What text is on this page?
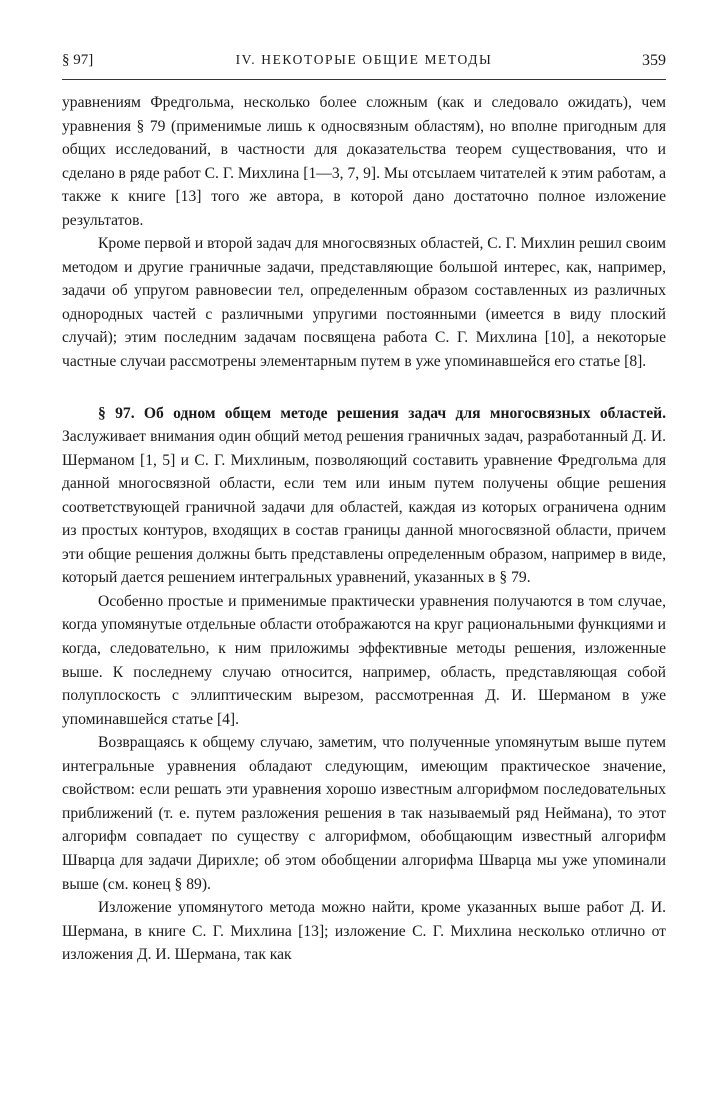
§ 97]	IV. НЕКОТОРЫЕ ОБЩИЕ МЕТОДЫ	359

уравнениям Фредгольма, несколько более сложным (как и следовало ожидать), чем уравнения § 79 (применимые лишь к односвязным областям), но вполне пригодным для общих исследований, в частности для доказательства теорем существования, что и сделано в ряде работ С. Г. Михлина [1—3, 7, 9]. Мы отсылаем читателей к этим работам, а также к книге [13] того же автора, в которой дано достаточно полное изложение результатов.

Кроме первой и второй задач для многосвязных областей, С. Г. Михлин решил своим методом и другие граничные задачи, представляющие большой интерес, как, например, задачи об упругом равновесии тел, определенным образом составленных из различных однородных частей с различными упругими постоянными (имеется в виду плоский случай); этим последним задачам посвящена работа С. Г. Михлина [10], а некоторые частные случаи рассмотрены элементарным путем в уже упоминавшейся его статье [8].

§ 97. Об одном общем методе решения задач для многосвязных областей. Заслуживает внимания один общий метод решения граничных задач, разработанный Д. И. Шерманом [1, 5] и С. Г. Михлиным, позволяющий составить уравнение Фредгольма для данной многосвязной области, если тем или иным путем получены общие решения соответствующей граничной задачи для областей, каждая из которых ограничена одним из простых контуров, входящих в состав границы данной многосвязной области, причем эти общие решения должны быть представлены определенным образом, например в виде, который дается решением интегральных уравнений, указанных в § 79.

Особенно простые и применимые практически уравнения получаются в том случае, когда упомянутые отдельные области отображаются на круг рациональными функциями и когда, следовательно, к ним приложимы эффективные методы решения, изложенные выше. К последнему случаю относится, например, область, представляющая собой полуплоскость с эллиптическим вырезом, рассмотренная Д. И. Шерманом в уже упоминавшейся статье [4].

Возвращаясь к общему случаю, заметим, что полученные упомянутым выше путем интегральные уравнения обладают следующим, имеющим практическое значение, свойством: если решать эти уравнения хорошо известным алгорифмом последовательных приближений (т. е. путем разложения решения в так называемый ряд Неймана), то этот алгорифм совпадает по существу с алгорифмом, обобщающим известный алгорифм Шварца для задачи Дирихле; об этом обобщении алгорифма Шварца мы уже упоминали выше (см. конец § 89).

Изложение упомянутого метода можно найти, кроме указанных выше работ Д. И. Шермана, в книге С. Г. Михлина [13]; изложение С. Г. Михлина несколько отлично от изложения Д. И. Шермана, так как
